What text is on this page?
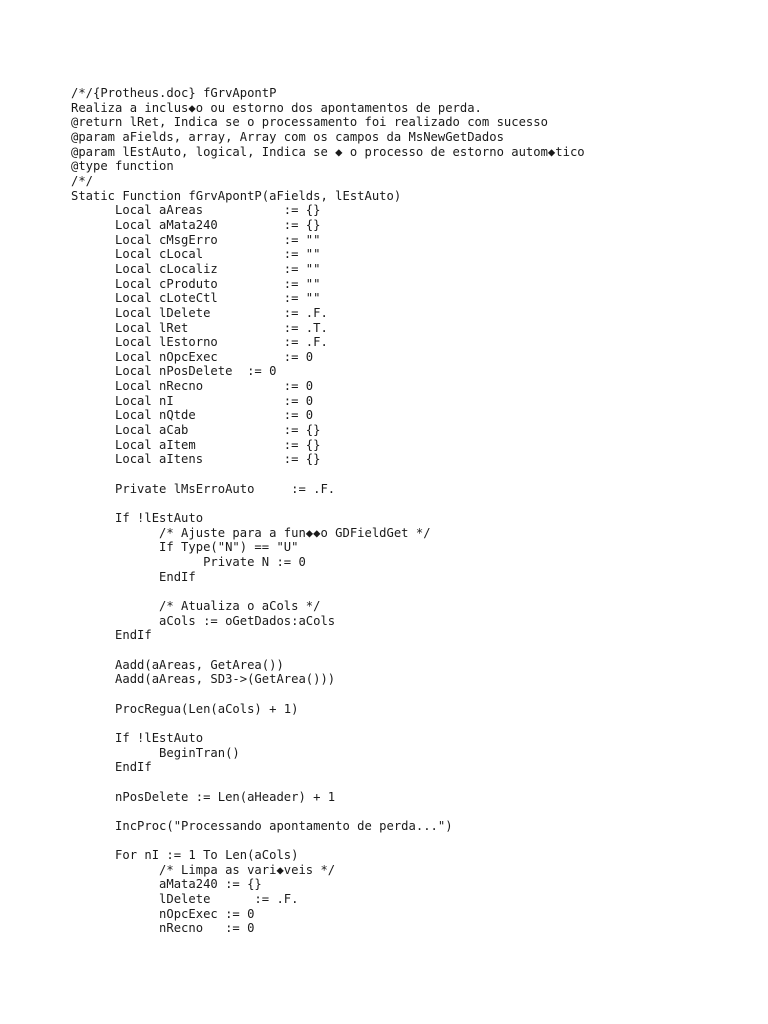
/*/{Protheus.doc} fGrvApontP
Realiza a inclus◆o ou estorno dos apontamentos de perda.
@return lRet, Indica se o processamento foi realizado com sucesso
@param aFields, array, Array com os campos da MsNewGetDados
@param lEstAuto, logical, Indica se ◆ o processo de estorno autom◆tico
@type function
/*/
Static Function fGrvApontP(aFields, lEstAuto)
Local aAreas           := {}
Local aMata240         := {}
Local cMsgErro         := ""
Local cLocal           := ""
Local cLocaliz         := ""
Local cProduto         := ""
Local cLoteCtl         := ""
Local lDelete          := .F.
Local lRet             := .T.
Local lEstorno         := .F.
Local nOpcExec         := 0
Local nPosDelete  := 0
Local nRecno           := 0
Local nI               := 0
Local nQtde            := 0
Local aCab             := {}
Local aItem            := {}
Local aItens           := {}
Private lMsErroAuto     := .F.
If !lEstAuto
/* Ajuste para a fun◆◆o GDFieldGet */
If Type("N") == "U"
Private N := 0
EndIf
/* Atualiza o aCols */
aCols := oGetDados:aCols
EndIf
Aadd(aAreas, GetArea())
Aadd(aAreas, SD3->(GetArea()))
ProcRegua(Len(aCols) + 1)
If !lEstAuto
BeginTran()
EndIf
nPosDelete := Len(aHeader) + 1
IncProc("Processando apontamento de perda...")
For nI := 1 To Len(aCols)
/* Limpa as vari◆veis */
aMata240 := {}
lDelete      := .F.
nOpcExec := 0
nRecno   := 0
